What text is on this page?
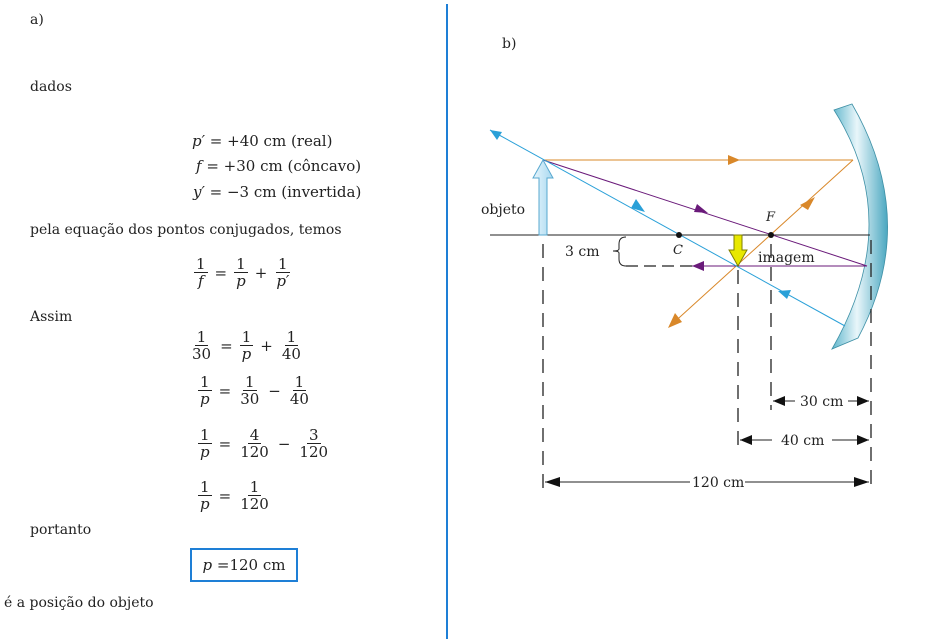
a)
dados
p′ = +40 cm (real)
f = +30 cm (côncavo)
y′ = −3 cm (invertida)
pela equação dos pontos conjugados, temos
$\frac{1}{f} = \frac{1}{p} + \frac{1}{p'}$
Assim
$\frac{1}{30} = \frac{1}{p} + \frac{1}{40}$
$\frac{1}{p} = \frac{1}{30} - \frac{1}{40}$
$\frac{1}{p} = \frac{4}{120} - \frac{3}{120}$
$\frac{1}{p} = \frac{1}{120}$
portanto
p = 120 cm
é a posição do objeto
b)
C
F
objeto
imagem
3 cm
30 cm
40 cm
120 cm
